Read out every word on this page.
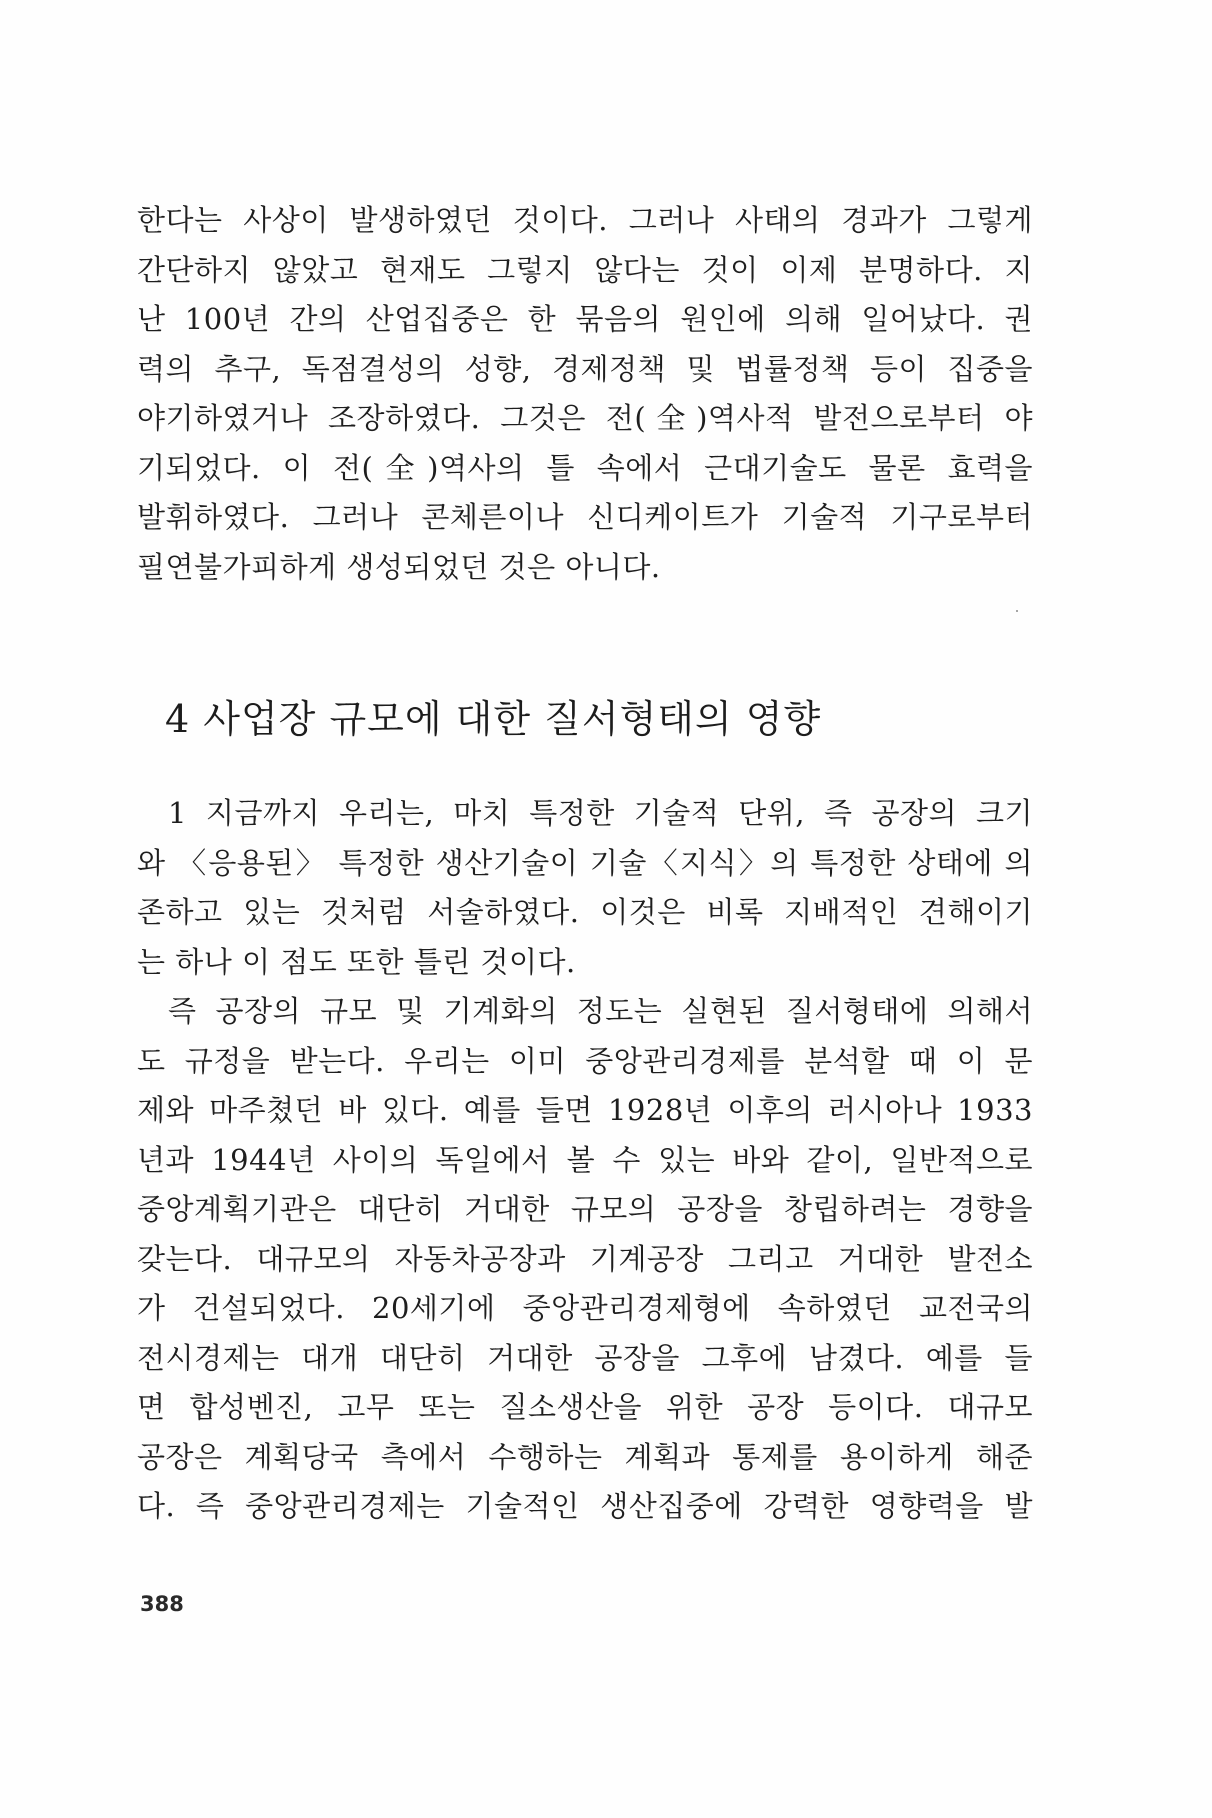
한다는 사상이 발생하였던 것이다. 그러나 사태의 경과가 그렇게
간단하지 않았고 현재도 그렇지 않다는 것이 이제 분명하다. 지
난 100년 간의 산업집중은 한 묶음의 원인에 의해 일어났다. 권
력의 추구, 독점결성의 성향, 경제정책 및 법률정책 등이 집중을
야기하였거나 조장하였다. 그것은 전(全)역사적 발전으로부터 야
기되었다. 이 전(全)역사의 틀 속에서 근대기술도 물론 효력을
발휘하였다. 그러나 콘체른이나 신디케이트가 기술적 기구로부터
필연불가피하게 생성되었던 것은 아니다.
4 사업장 규모에 대한 질서형태의 영향
1 지금까지 우리는, 마치 특정한 기술적 단위, 즉 공장의 크기
와 〈응용된〉 특정한 생산기술이 기술〈지식〉의 특정한 상태에 의
존하고 있는 것처럼 서술하였다. 이것은 비록 지배적인 견해이기
는 하나 이 점도 또한 틀린 것이다.
즉 공장의 규모 및 기계화의 정도는 실현된 질서형태에 의해서
도 규정을 받는다. 우리는 이미 중앙관리경제를 분석할 때 이 문
제와 마주쳤던 바 있다. 예를 들면 1928년 이후의 러시아나 1933
년과 1944년 사이의 독일에서 볼 수 있는 바와 같이, 일반적으로
중앙계획기관은 대단히 거대한 규모의 공장을 창립하려는 경향을
갖는다. 대규모의 자동차공장과 기계공장 그리고 거대한 발전소
가 건설되었다. 20세기에 중앙관리경제형에 속하였던 교전국의
전시경제는 대개 대단히 거대한 공장을 그후에 남겼다. 예를 들
면 합성벤진, 고무 또는 질소생산을 위한 공장 등이다. 대규모
공장은 계획당국 측에서 수행하는 계획과 통제를 용이하게 해준
다. 즉 중앙관리경제는 기술적인 생산집중에 강력한 영향력을 발
388
